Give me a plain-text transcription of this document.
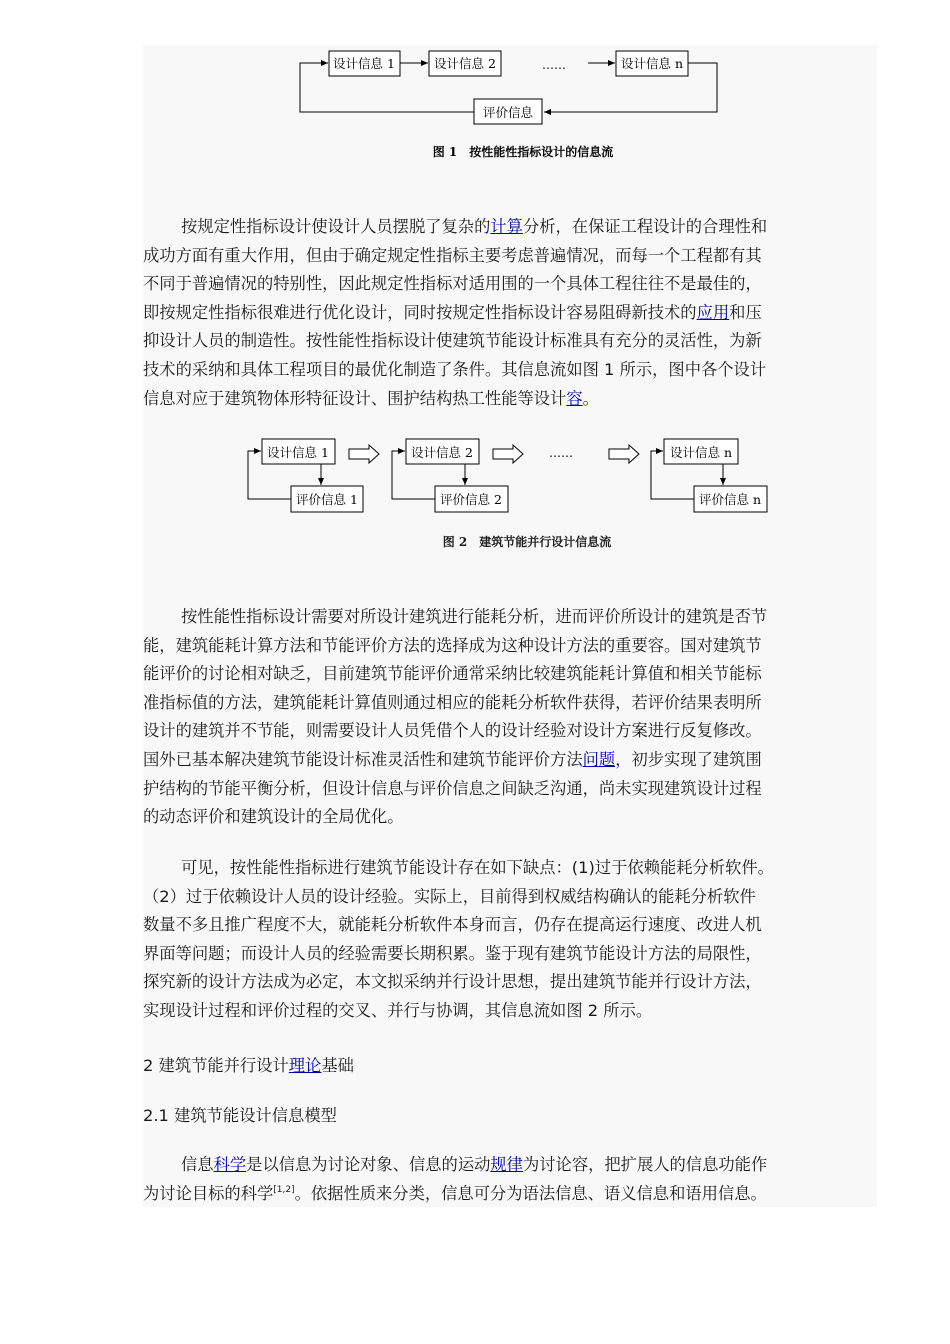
设计信息 1	设计信息 2	设计信息 n
……
评价信息
图 1　按性能性指标设计的信息流
按规定性指标设计使设计人员摆脱了复杂的计算分析，在保证工程设计的合理性和
成功方面有重大作用，但由于确定规定性指标主要考虑普遍情况，而每一个工程都有其
不同于普遍情况的特别性，因此规定性指标对适用围的一个具体工程往往不是最佳的，
即按规定性指标很难进行优化设计，同时按规定性指标设计容易阻碍新技术的应用和压
抑设计人员的制造性。按性能性指标设计使建筑节能设计标准具有充分的灵活性，为新
技术的采纳和具体工程项目的最优化制造了条件。其信息流如图 1 所示，图中各个设计
信息对应于建筑物体形特征设计、围护结构热工性能等设计容。
设计信息 1	设计信息 2	设计信息 n
评价信息 1	评价信息 2	评价信息 n
……
图 2　建筑节能并行设计信息流
按性能性指标设计需要对所设计建筑进行能耗分析，进而评价所设计的建筑是否节
能，建筑能耗计算方法和节能评价方法的选择成为这种设计方法的重要容。国对建筑节
能评价的讨论相对缺乏，目前建筑节能评价通常采纳比较建筑能耗计算值和相关节能标
准指标值的方法，建筑能耗计算值则通过相应的能耗分析软件获得，若评价结果表明所
设计的建筑并不节能，则需要设计人员凭借个人的设计经验对设计方案进行反复修改。
国外已基本解决建筑节能设计标准灵活性和建筑节能评价方法问题，初步实现了建筑围
护结构的节能平衡分析，但设计信息与评价信息之间缺乏沟通，尚未实现建筑设计过程
的动态评价和建筑设计的全局优化。
可见，按性能性指标进行建筑节能设计存在如下缺点：(1)过于依赖能耗分析软件。
（2）过于依赖设计人员的设计经验。实际上，目前得到权威结构确认的能耗分析软件
数量不多且推广程度不大，就能耗分析软件本身而言，仍存在提高运行速度、改进人机
界面等问题；而设计人员的经验需要长期积累。鉴于现有建筑节能设计方法的局限性，
探究新的设计方法成为必定，本文拟采纳并行设计思想，提出建筑节能并行设计方法，
实现设计过程和评价过程的交叉、并行与协调，其信息流如图 2 所示。
2 建筑节能并行设计理论基础
2.1 建筑节能设计信息模型
信息科学是以信息为讨论对象、信息的运动规律为讨论容，把扩展人的信息功能作
为讨论目标的科学[1,2]。依据性质来分类，信息可分为语法信息、语义信息和语用信息。
